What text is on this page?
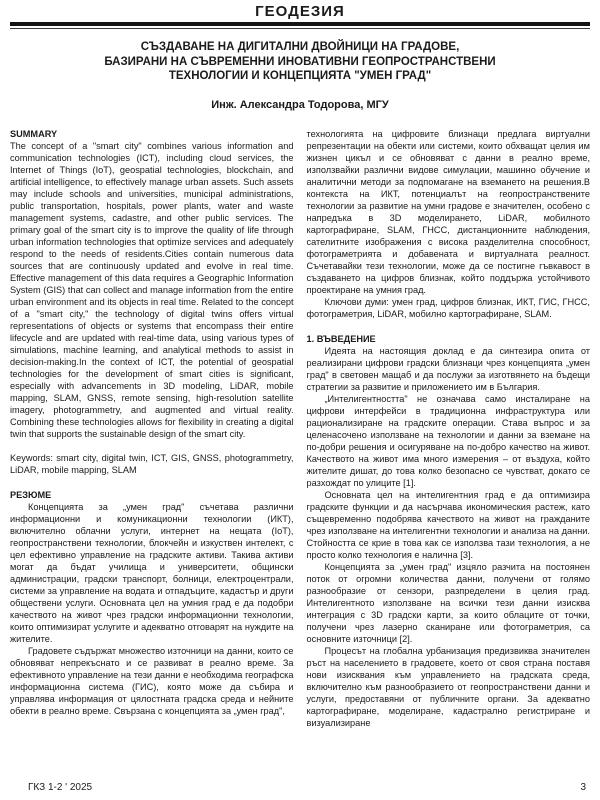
ГЕОДЕЗИЯ
СЪЗДАВАНЕ НА ДИГИТАЛНИ ДВОЙНИЦИ НА ГРАДОВЕ,
БАЗИРАНИ НА СЪВРЕМЕННИ ИНОВАТИВНИ ГЕОПРОСТРАНСТВЕНИ
ТЕХНОЛОГИИ И КОНЦЕПЦИЯТА "УМЕН ГРАД"
Инж. Александра Тодорова, МГУ

SUMMARY

The concept of a "smart city" combines various information and communication technologies (ICT), including cloud services, the Internet of Things (IoT), geospatial technologies, blockchain, and artificial intelligence, to effectively manage urban assets. Such assets may include schools and universities, municipal administrations, public transportation, hospitals, power plants, water and waste management systems, cadastre, and other public services. The primary goal of the smart city is to improve the quality of life through urban information technologies that optimize services and adequately respond to the needs of residents.Cities contain numerous data sources that are continuously updated and evolve in real time. Effective management of this data requires a Geographic Information System (GIS) that can collect and manage information from the entire urban environment and its objects in real time. Related to the concept of a "smart city," the technology of digital twins offers virtual representations of objects or systems that encompass their entire lifecycle and are updated with real-time data, using various types of simulations, machine learning, and analytical methods to assist in decision-making.In the context of ICT, the potential of geospatial technologies for the development of smart cities is significant, especially with advancements in 3D modeling, LiDAR, mobile mapping, SLAM, GNSS, remote sensing, high-resolution satellite imagery, photogrammetry, and augmented and virtual reality. Combining these technologies allows for flexibility in creating a digital twin that supports the sustainable design of the smart city.

Keywords: smart city, digital twin, ICT, GIS, GNSS, photogrammetry, LiDAR, mobile mapping, SLAM

РЕЗЮМЕ

Концепцията за „умен град" съчетава различни информационни и комуникационни технологии (ИКТ), включително облачни услуги, интернет на нещата (IoT), геопространствени технологии, блокчейн и изкуствен интелект, с цел ефективно управление на градските активи. Такива активи могат да бъдат училища и университети, общински администрации, градски транспорт, болници, електроцентрали, системи за управление на водата и отпадъците, кадастър и други обществени услуги. Основната цел на умния град е да подобри качеството на живот чрез градски информационни технологии, които оптимизират услугите и адекватно отговарят на нуждите на жителите.

Градовете съдържат множество източници на данни, които се обновяват непрекъснато и се развиват в реално време. За ефективното управление на тези данни е необходима географска информационна система (ГИС), която може да събира и управлява информация от цялостната градска среда и нейните обекти в реално време. Свързана с концепцията за „умен град",

технологията на цифровите близнаци предлага виртуални репрезентации на обекти или системи, които обхващат целия им жизнен цикъл и се обновяват с данни в реално време, използвайки различни видове симулации, машинно обучение и аналитични методи за подпомагане на вземането на решения.В контекста на ИКТ, потенциалът на геопространствените технологии за развитие на умни градове е значителен, особено с напредъка в 3D моделирането, LiDAR, мобилното картографиране, SLAM, ГНСС, дистанционните наблюдения, сателитните изображения с висока разделителна способност, фотограметрията и добавената и виртуалната реалност. Съчетавайки тези технологии, може да се постигне гъвкавост в създаването на цифров близнак, който поддържа устойчивото проектиране на умния град.

Ключови думи: умен град, цифров близнак, ИКТ, ГИС, ГНСС, фотограметрия, LiDAR, мобилно картографиране, SLAM.

1. ВЪВЕДЕНИЕ

Идеята на настоящия доклад е да синтезира опита от реализирани цифрови градски близнаци чрез концепцията „умен град" в световен мащаб и да послужи за изготвянето на бъдещи стратегии за развитие и приложението им в България.

„Интелигентността" не означава само инсталиране на цифрови интерфейси в традиционна инфраструктура или рационализиране на градските операции. Става въпрос и за целенасочено използване на технологии и данни за вземане на по-добри решения и осигуряване на по-добро качество на живот. Качеството на живот има много измерения – от въздуха, който жителите дишат, до това колко безопасно се чувстват, докато се разхождат по улиците [1].

Основната цел на интелигентния град е да оптимизира градските функции и да насърчава икономическия растеж, като същевременно подобрява качеството на живот на гражданите чрез използване на интелигентни технологии и анализа на данни. Стойността се крие в това как се използва тази технология, а не просто колко технология е налична [3].

Концепцията за „умен град" изцяло разчита на постоянен поток от огромни количества данни, получени от голямо разнообразие от сензори, разпределени в целия град. Интелигентното използване на всички тези данни изисква интеграция с 3D градски карти, за които облаците от точки, получени чрез лазерно сканиране или фотограметрия, са основните източници [2].

Процесът на глобална урбанизация предизвиква значителен ръст на населението в градовете, което от своя страна поставя нови изисквания към управлението на градската среда, включително към разнообразието от геопространствени данни и услуги, предоставяни от публичните органи. За адекватно картографиране, моделиране, кадастрално регистриране и визуализиране

ГКЗ 1-2 ' 2025	3
